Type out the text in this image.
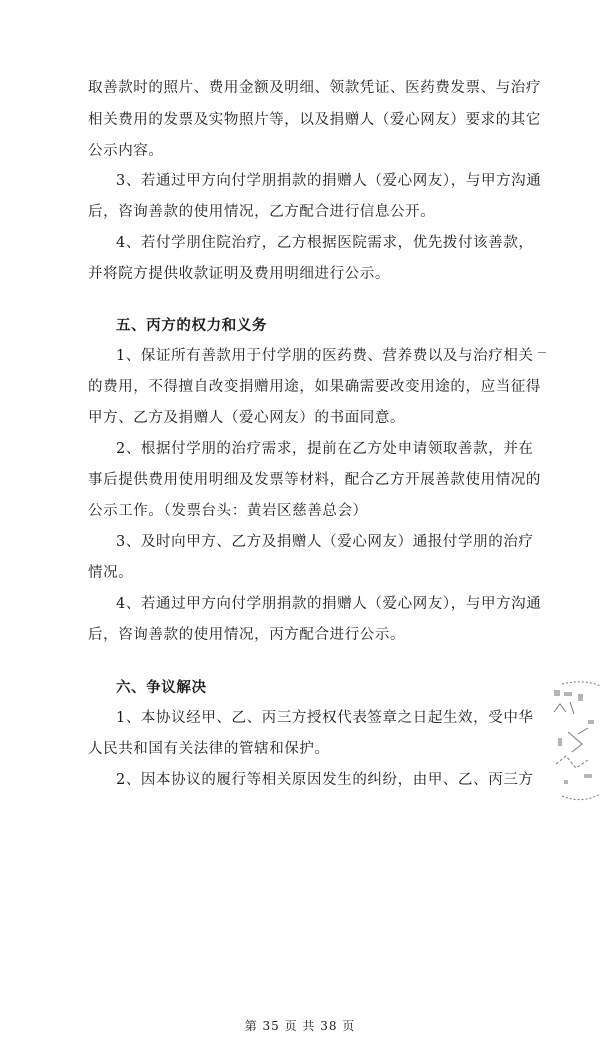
取善款时的照片、费用金额及明细、领款凭证、医药费发票、与治疗
相关费用的发票及实物照片等，以及捐赠人（爱心网友）要求的其它
公示内容。
3、若通过甲方向付学朋捐款的捐赠人（爱心网友），与甲方沟通
后，咨询善款的使用情况，乙方配合进行信息公开。
4、若付学朋住院治疗，乙方根据医院需求，优先拨付该善款，
并将院方提供收款证明及费用明细进行公示。
五、丙方的权力和义务
1、保证所有善款用于付学朋的医药费、营养费以及与治疗相关
的费用，不得擅自改变捐赠用途，如果确需要改变用途的，应当征得
甲方、乙方及捐赠人（爱心网友）的书面同意。
2、根据付学朋的治疗需求，提前在乙方处申请领取善款，并在
事后提供费用使用明细及发票等材料，配合乙方开展善款使用情况的
公示工作。（发票台头：黄岩区慈善总会）
3、及时向甲方、乙方及捐赠人（爱心网友）通报付学朋的治疗
情况。
4、若通过甲方向付学朋捐款的捐赠人（爱心网友），与甲方沟通
后，咨询善款的使用情况，丙方配合进行公示。
六、争议解决
1、本协议经甲、乙、丙三方授权代表签章之日起生效，受中华
人民共和国有关法律的管辖和保护。
2、因本协议的履行等相关原因发生的纠纷，由甲、乙、丙三方
第 35 页 共 38 页
